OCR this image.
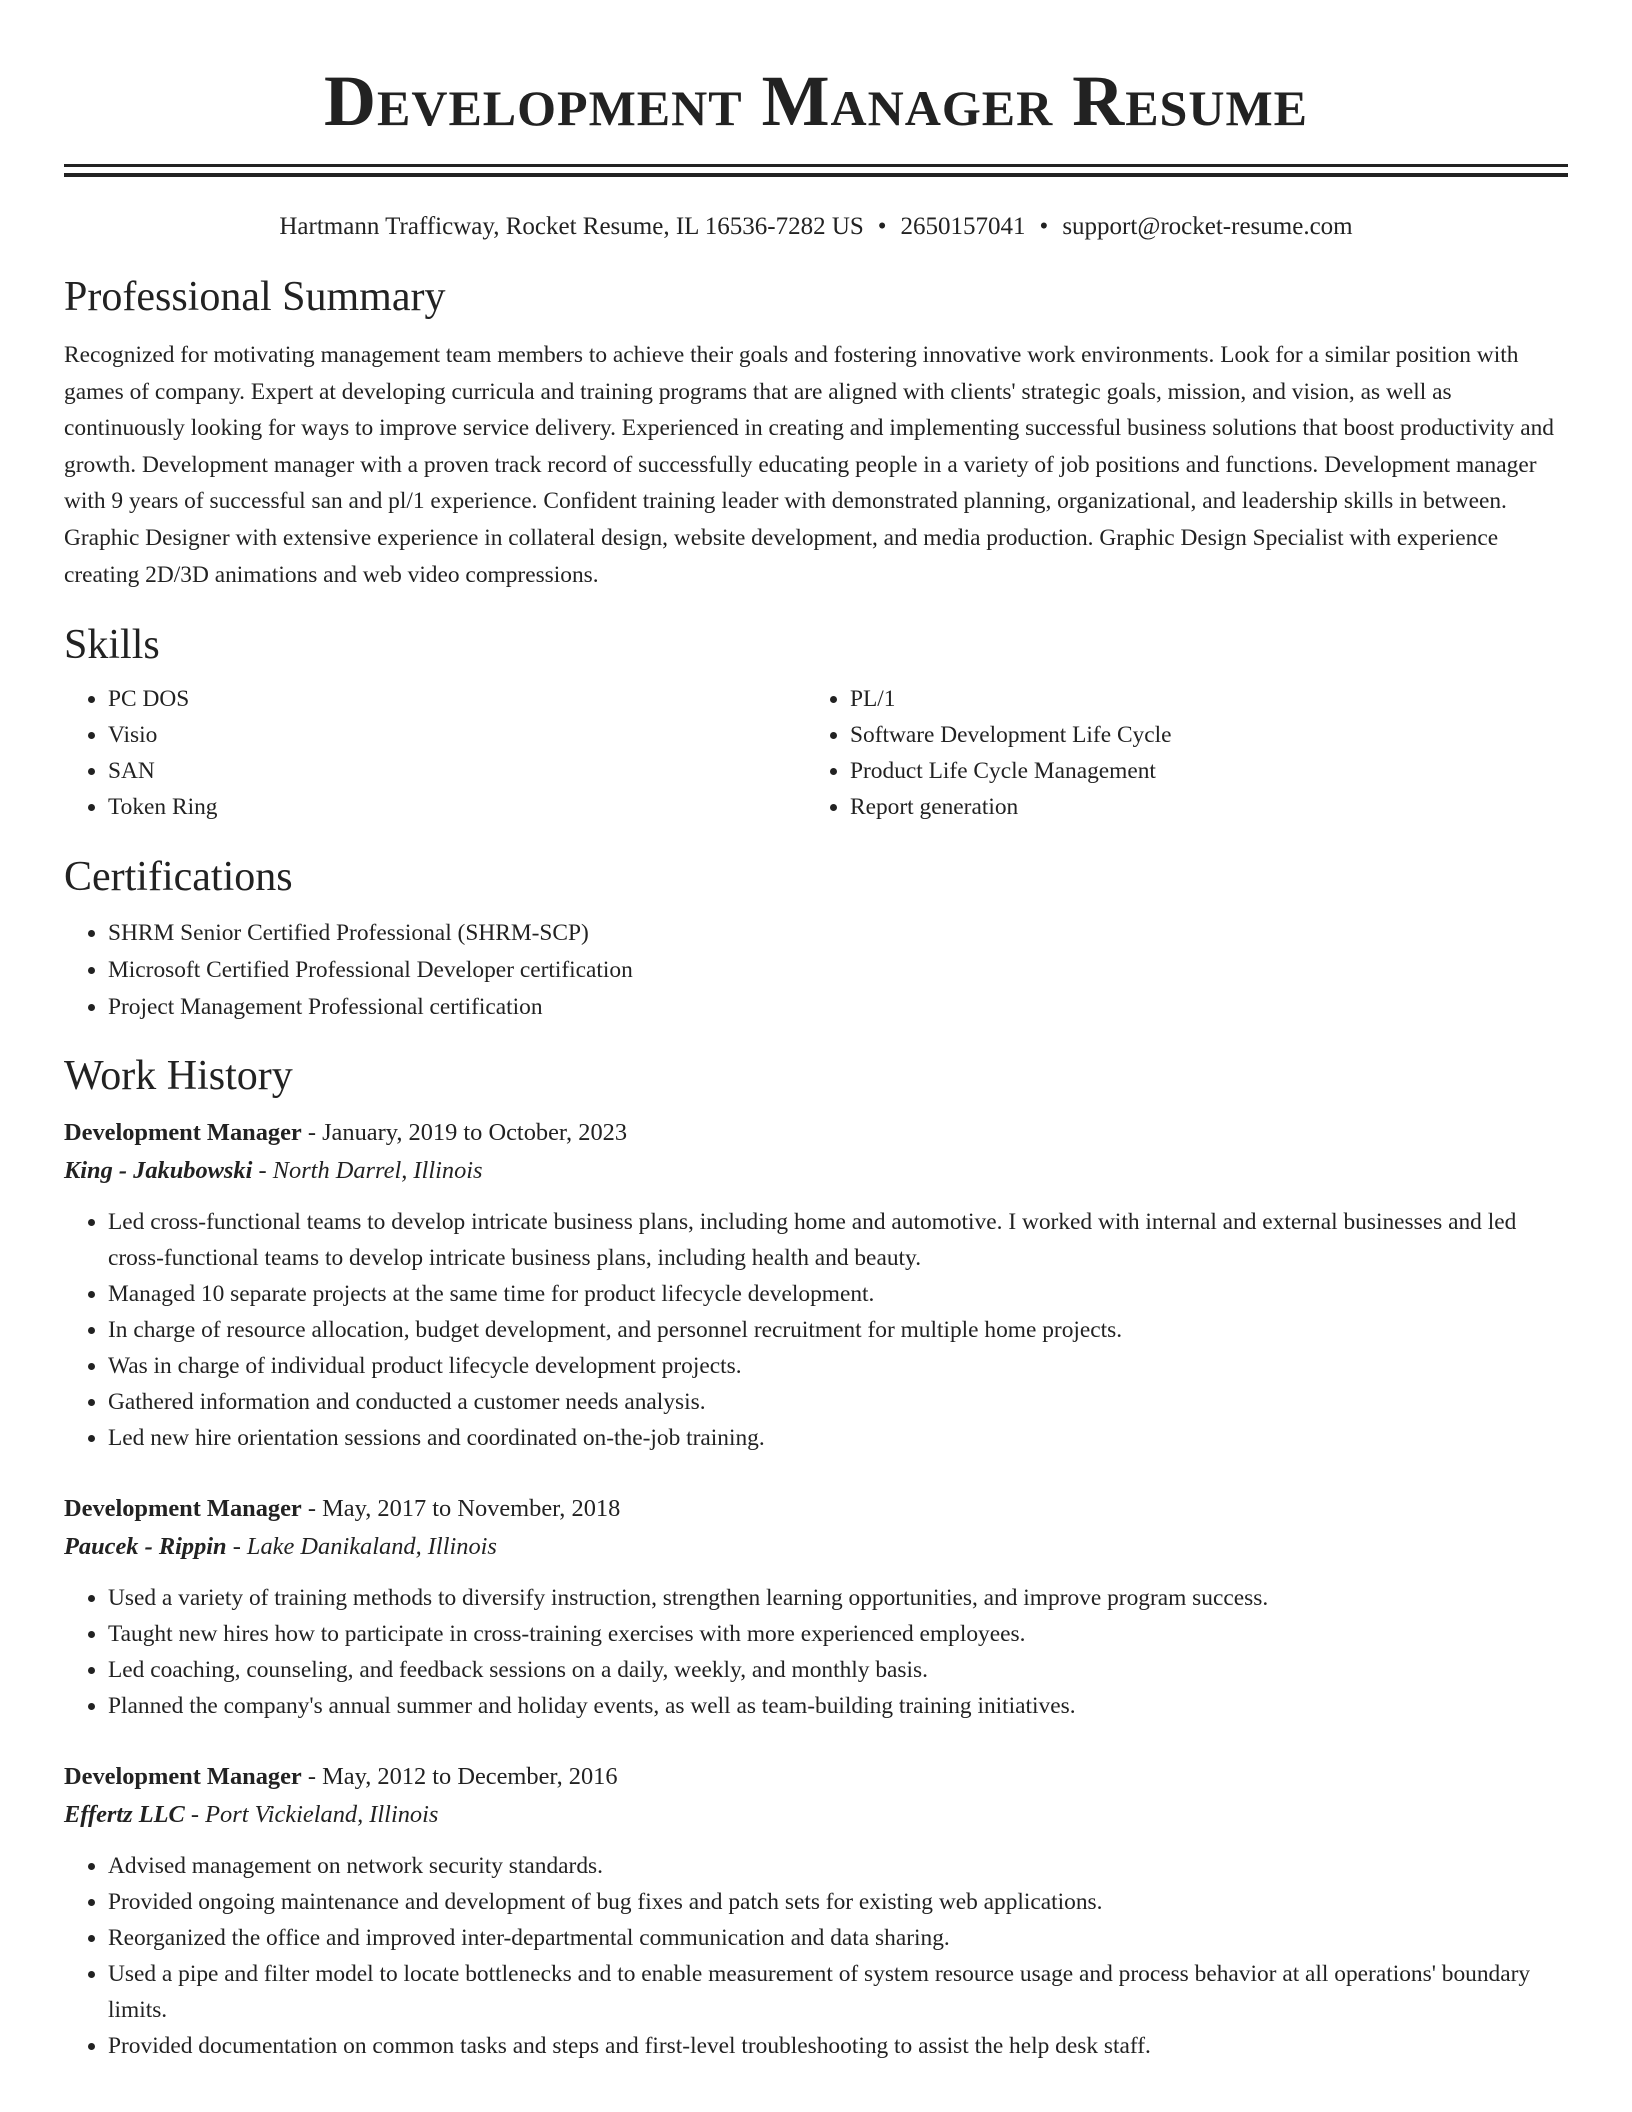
Development Manager Resume
Hartmann Trafficway, Rocket Resume, IL 16536-7282 US • 2650157041 • support@rocket-resume.com
Professional Summary

Recognized for motivating management team members to achieve their goals and fostering innovative work environments. Look for a similar position with games of company. Expert at developing curricula and training programs that are aligned with clients' strategic goals, mission, and vision, as well as continuously looking for ways to improve service delivery. Experienced in creating and implementing successful business solutions that boost productivity and growth. Development manager with a proven track record of successfully educating people in a variety of job positions and functions. Development manager with 9 years of successful san and pl/1 experience. Confident training leader with demonstrated planning, organizational, and leadership skills in between. Graphic Designer with extensive experience in collateral design, website development, and media production. Graphic Design Specialist with experience creating 2D/3D animations and web video compressions.

Skills
• PC DOS
• Visio
• SAN
• Token Ring
• PL/1
• Software Development Life Cycle
• Product Life Cycle Management
• Report generation
Certifications
• SHRM Senior Certified Professional (SHRM-SCP)
• Microsoft Certified Professional Developer certification
• Project Management Professional certification
Work History
Development Manager - January, 2019 to October, 2023
King - Jakubowski - North Darrel, Illinois
• Led cross-functional teams to develop intricate business plans, including home and automotive. I worked with internal and external businesses and led cross-functional teams to develop intricate business plans, including health and beauty.
• Managed 10 separate projects at the same time for product lifecycle development.
• In charge of resource allocation, budget development, and personnel recruitment for multiple home projects.
• Was in charge of individual product lifecycle development projects.
• Gathered information and conducted a customer needs analysis.
• Led new hire orientation sessions and coordinated on-the-job training.
Development Manager - May, 2017 to November, 2018
Paucek - Rippin - Lake Danikaland, Illinois
• Used a variety of training methods to diversify instruction, strengthen learning opportunities, and improve program success.
• Taught new hires how to participate in cross-training exercises with more experienced employees.
• Led coaching, counseling, and feedback sessions on a daily, weekly, and monthly basis.
• Planned the company's annual summer and holiday events, as well as team-building training initiatives.
Development Manager - May, 2012 to December, 2016
Effertz LLC - Port Vickieland, Illinois
• Advised management on network security standards.
• Provided ongoing maintenance and development of bug fixes and patch sets for existing web applications.
• Reorganized the office and improved inter-departmental communication and data sharing.
• Used a pipe and filter model to locate bottlenecks and to enable measurement of system resource usage and process behavior at all operations' boundary limits.
• Provided documentation on common tasks and steps and first-level troubleshooting to assist the help desk staff.
